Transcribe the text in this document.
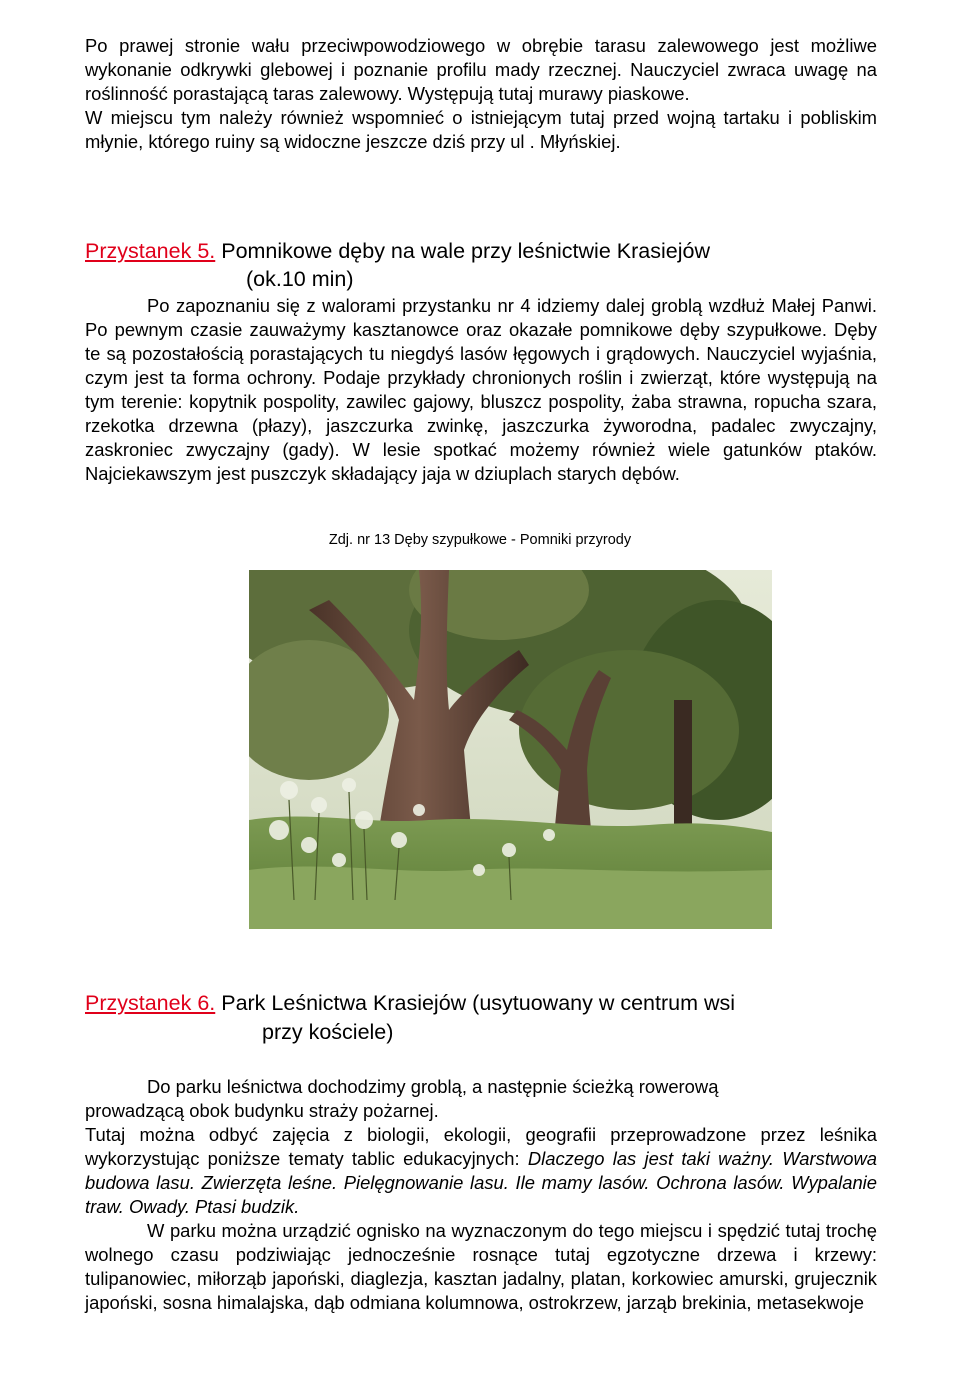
Po prawej stronie wału przeciwpowodziowego w obrębie tarasu zalewowego jest możliwe wykonanie odkrywki glebowej i poznanie profilu mady rzecznej. Nauczyciel zwraca uwagę na roślinność porastającą taras zalewowy. Występują tutaj murawy piaskowe.

W miejscu tym należy również wspomnieć o istniejącym tutaj przed wojną tartaku i pobliskim młynie, którego ruiny są widoczne jeszcze dziś przy ul . Młyńskiej.

Przystanek 5. Pomnikowe dęby na wale przy leśnictwie Krasiejów
(ok.10 min)

Po zapoznaniu się z walorami przystanku nr 4 idziemy dalej groblą wzdłuż Małej Panwi. Po pewnym czasie zauważymy kasztanowce oraz okazałe pomnikowe dęby szypułkowe. Dęby te są pozostałością porastających tu niegdyś lasów łęgowych i grądowych. Nauczyciel wyjaśnia, czym jest ta forma ochrony. Podaje przykłady chronionych roślin i zwierząt, które występują na tym terenie: kopytnik pospolity, zawilec gajowy, bluszcz pospolity, żaba strawna, ropucha szara, rzekotka drzewna (płazy), jaszczurka zwinkę, jaszczurka żyworodna, padalec zwyczajny, zaskroniec zwyczajny (gady). W lesie spotkać możemy również wiele gatunków ptaków. Najciekawszym jest puszczyk składający jaja w dziuplach starych dębów.

Zdj. nr 13 Dęby szypułkowe - Pomniki przyrody
Przystanek 6. Park Leśnictwa Krasiejów (usytuowany w centrum wsi
przy kościele)

Do parku leśnictwa dochodzimy groblą, a następnie ścieżką rowerową

prowadzącą obok budynku straży pożarnej.

Tutaj można odbyć zajęcia z biologii, ekologii, geografii przeprowadzone przez leśnika wykorzystując poniższe tematy tablic edukacyjnych: Dlaczego las jest taki ważny. Warstwowa budowa lasu. Zwierzęta leśne. Pielęgnowanie lasu. Ile mamy lasów. Ochrona lasów. Wypalanie traw. Owady. Ptasi budzik.

W parku można urządzić ognisko na wyznaczonym do tego miejscu i spędzić tutaj trochę wolnego czasu podziwiając jednocześnie rosnące tutaj egzotyczne drzewa i krzewy: tulipanowiec, miłorząb japoński, diaglezja, kasztan jadalny, platan, korkowiec amurski, grujecznik japoński, sosna himalajska, dąb odmiana kolumnowa, ostrokrzew, jarząb brekinia, metasekwoje
